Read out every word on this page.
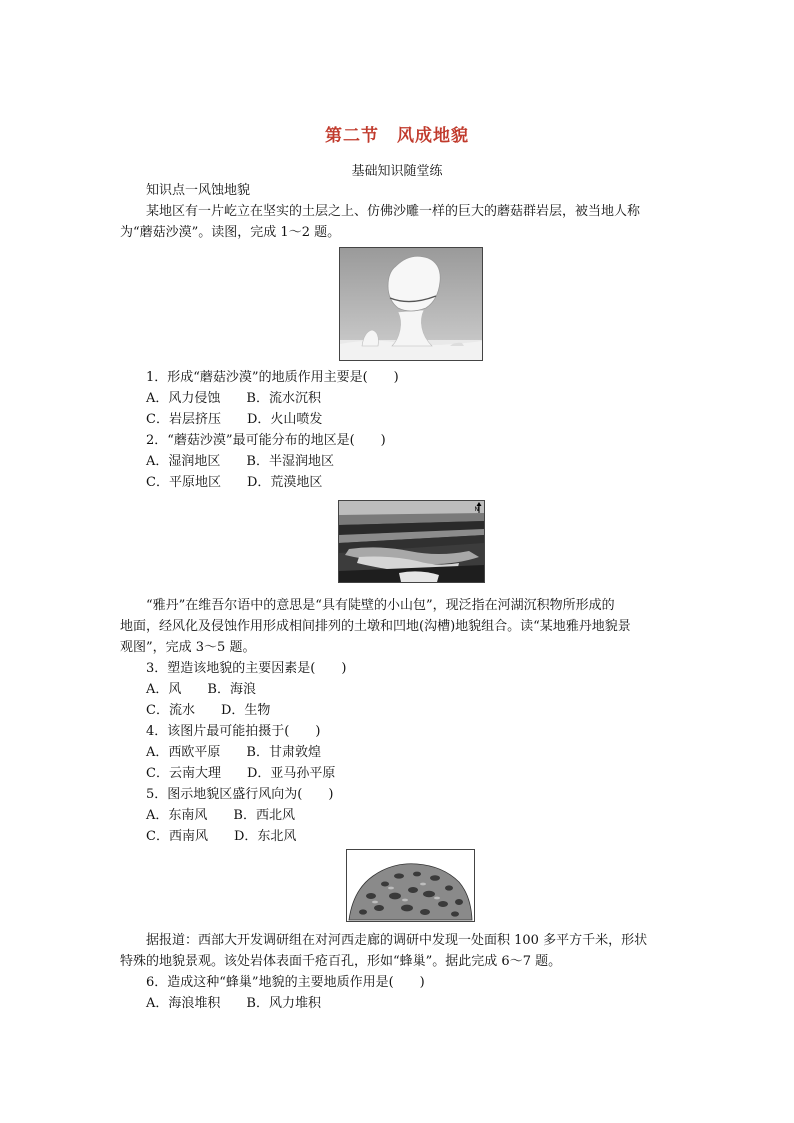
第二节　风成地貌
基础知识随堂练
知识点一风蚀地貌
某地区有一片屹立在坚实的土层之上、仿佛沙雕一样的巨大的蘑菇群岩层，被当地人称
为“蘑菇沙漠”。读图，完成 1～2 题。
1．形成“蘑菇沙漠”的地质作用主要是(　　)
A．风力侵蚀　　B．流水沉积
C．岩层挤压　　D．火山喷发
2．“蘑菇沙漠”最可能分布的地区是(　　)
A．湿润地区　　B．半湿润地区
C．平原地区　　D．荒漠地区
N
“雅丹”在维吾尔语中的意思是“具有陡壁的小山包”，现泛指在河湖沉积物所形成的
地面，经风化及侵蚀作用形成相间排列的土墩和凹地(沟槽)地貌组合。读“某地雅丹地貌景
观图”，完成 3～5 题。
3．塑造该地貌的主要因素是(　　)
A．风　　B．海浪
C．流水　　D．生物
4．该图片最可能拍摄于(　　)
A．西欧平原　　B．甘肃敦煌
C．云南大理　　D．亚马孙平原
5．图示地貌区盛行风向为(　　)
A．东南风　　B．西北风
C．西南风　　D．东北风
据报道：西部大开发调研组在对河西走廊的调研中发现一处面积 100 多平方千米，形状
特殊的地貌景观。该处岩体表面千疮百孔，形如“蜂巢”。据此完成 6～7 题。
6．造成这种“蜂巢”地貌的主要地质作用是(　　)
A．海浪堆积　　B．风力堆积
